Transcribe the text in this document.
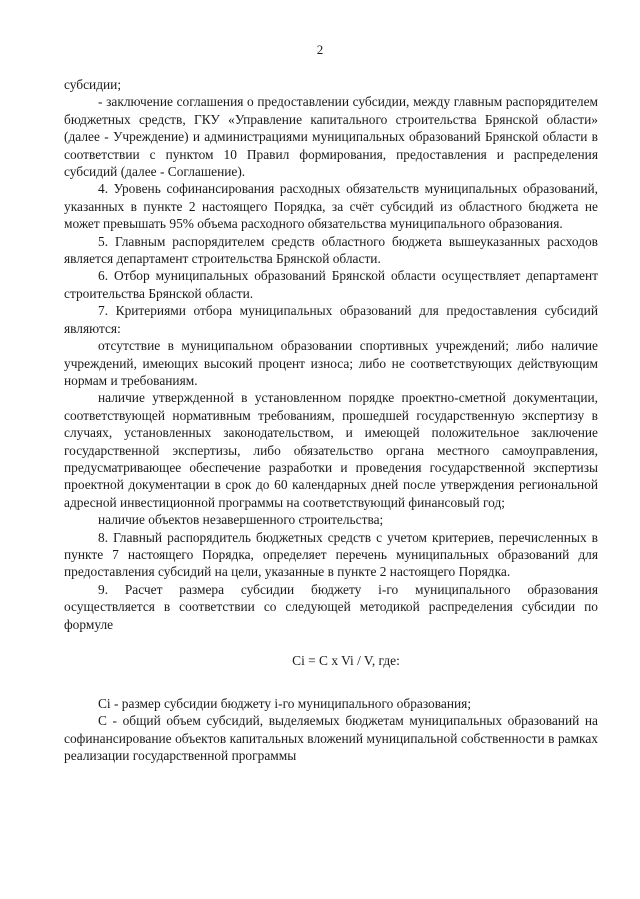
2

субсидии;

- заключение соглашения о предоставлении субсидии, между главным распорядителем бюджетных средств, ГКУ «Управление капитального строительства Брянской области» (далее - Учреждение) и администрациями муниципальных образований Брянской области в соответствии с пунктом 10 Правил формирования, предоставления и распределения субсидий (далее - Соглашение).

4. Уровень софинансирования расходных обязательств муниципальных образований, указанных в пункте 2 настоящего Порядка, за счёт субсидий из областного бюджета не может превышать 95% объема расходного обязательства муниципального образования.

5. Главным распорядителем средств областного бюджета вышеуказанных расходов является департамент строительства Брянской области.

6. Отбор муниципальных образований Брянской области осуществляет департамент строительства Брянской области.

7. Критериями отбора муниципальных образований для предоставления субсидий являются:

отсутствие в муниципальном образовании спортивных учреждений; либо наличие учреждений, имеющих высокий процент износа; либо не соответствующих действующим нормам и требованиям.

наличие утвержденной в установленном порядке проектно-сметной документации, соответствующей нормативным требованиям, прошедшей государственную экспертизу в случаях, установленных законодательством, и имеющей положительное заключение государственной экспертизы, либо обязательство органа местного самоуправления, предусматривающее обеспечение разработки и проведения государственной экспертизы проектной документации в срок до 60 календарных дней после утверждения региональной адресной инвестиционной программы на соответствующий финансовый год;

наличие объектов незавершенного строительства;

8. Главный распорядитель бюджетных средств с учетом критериев, перечисленных в пункте 7 настоящего Порядка, определяет перечень муниципальных образований для предоставления субсидий на цели, указанные в пункте 2 настоящего Порядка.

9. Расчет размера субсидии бюджету i-го муниципального образования осуществляется в соответствии со следующей методикой распределения субсидии по формуле

Ci = C x Vi / V, где:

Ci - размер субсидии бюджету i-го муниципального образования;

C - общий объем субсидий, выделяемых бюджетам муниципальных образований на софинансирование объектов капитальных вложений муниципальной собственности в рамках реализации государственной программы
